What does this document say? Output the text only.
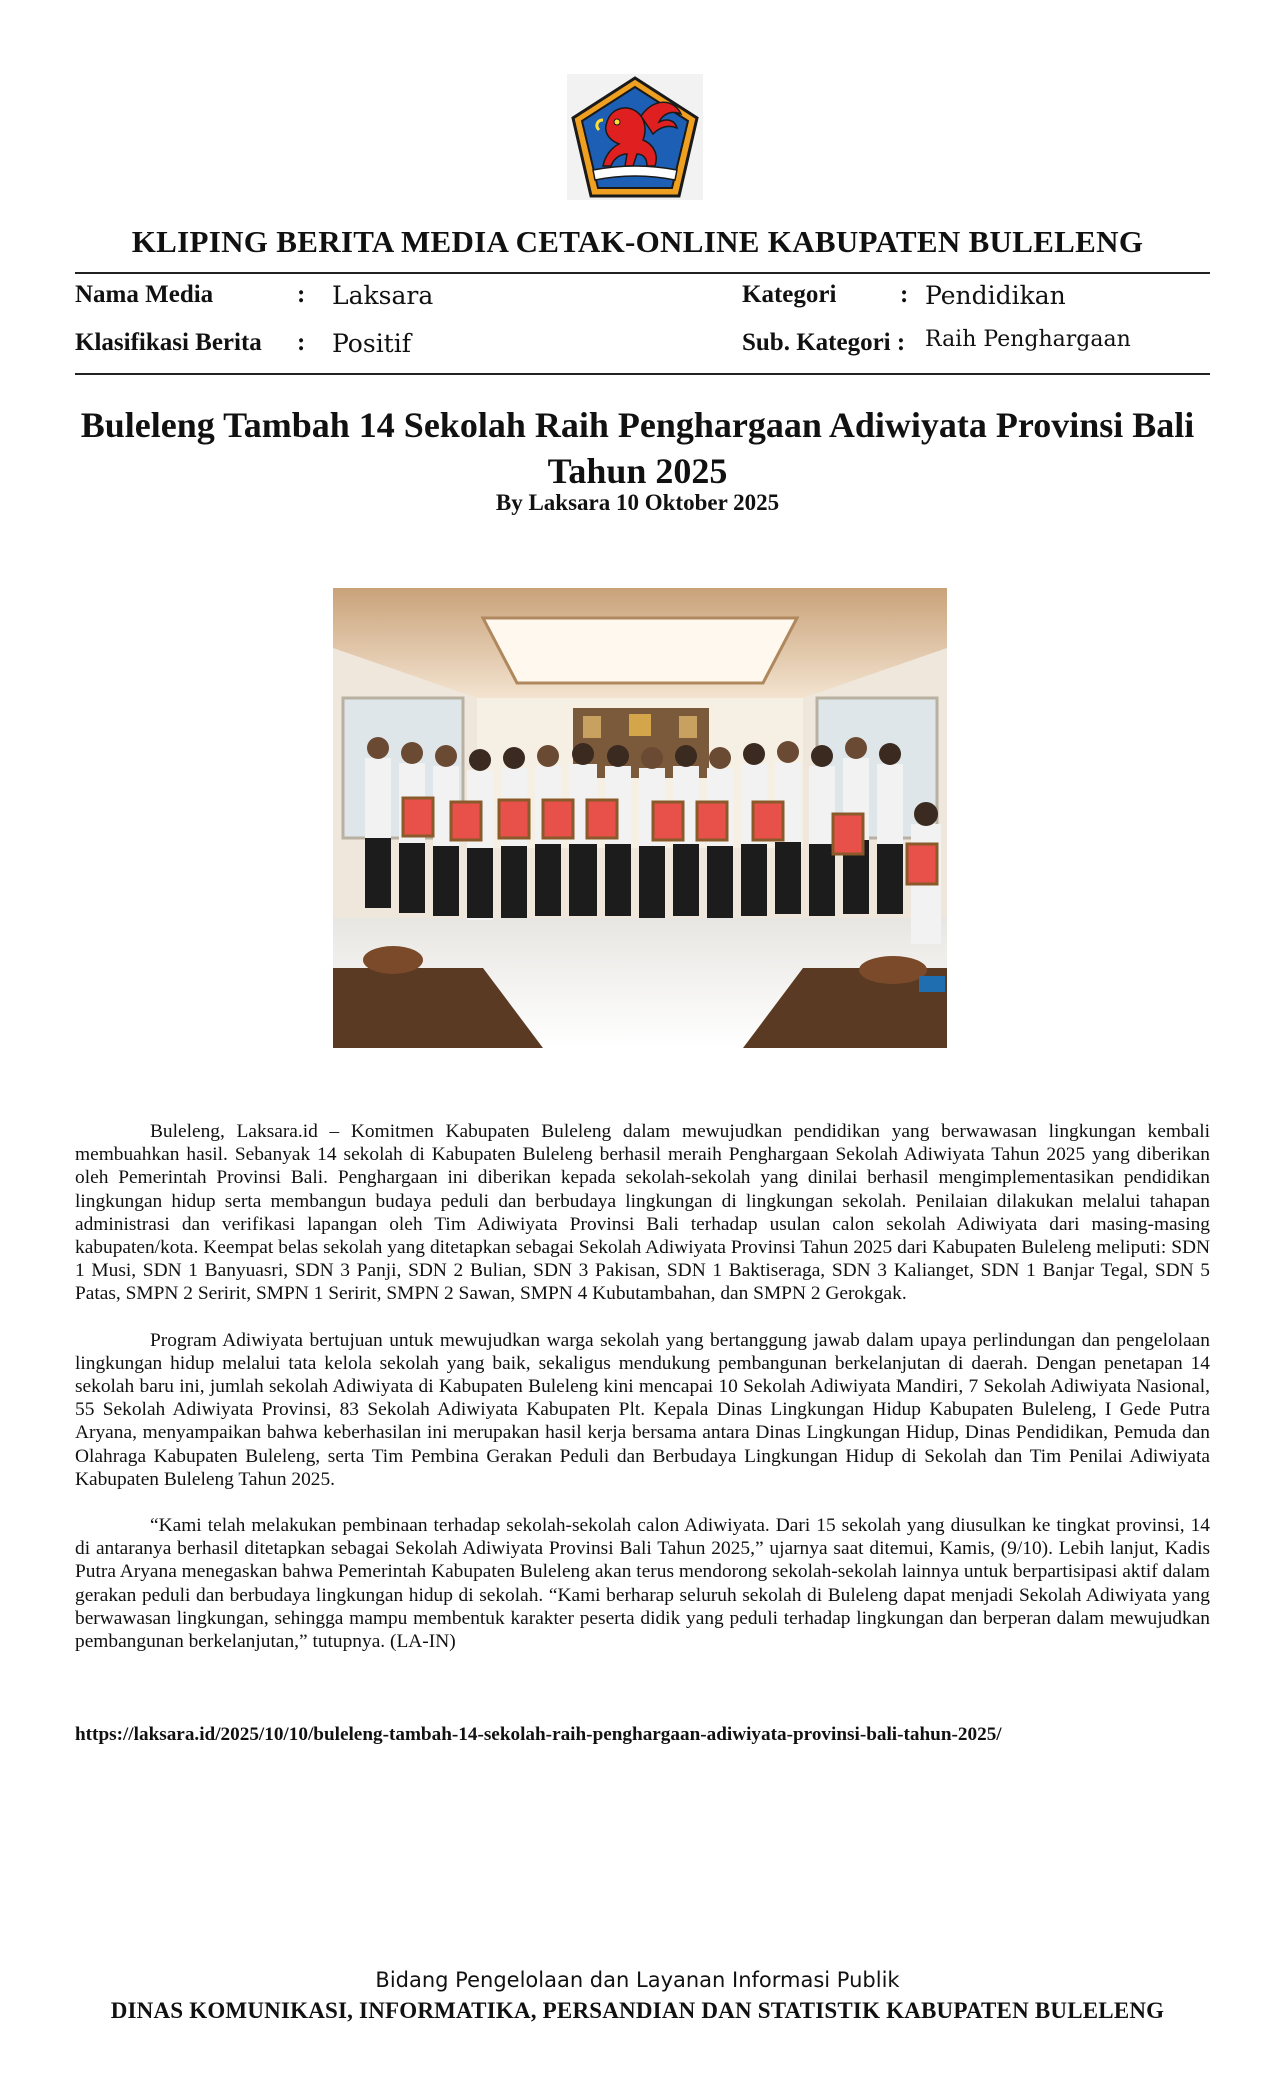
KLIPING BERITA MEDIA CETAK-ONLINE KABUPATEN BULELENG
Nama Media	: Laksara
Klasifikasi Berita : Positif
Kategori	: Pendidikan
Sub. Kategori : Raih Penghargaan
Buleleng Tambah 14 Sekolah Raih Penghargaan Adiwiyata Provinsi Bali Tahun 2025
By Laksara 10 Oktober 2025

Buleleng, Laksara.id – Komitmen Kabupaten Buleleng dalam mewujudkan pendidikan yang berwawasan lingkungan kembali membuahkan hasil. Sebanyak 14 sekolah di Kabupaten Buleleng berhasil meraih Penghargaan Sekolah Adiwiyata Tahun 2025 yang diberikan oleh Pemerintah Provinsi Bali. Penghargaan ini diberikan kepada sekolah-sekolah yang dinilai berhasil mengimplementasikan pendidikan lingkungan hidup serta membangun budaya peduli dan berbudaya lingkungan di lingkungan sekolah. Penilaian dilakukan melalui tahapan administrasi dan verifikasi lapangan oleh Tim Adiwiyata Provinsi Bali terhadap usulan calon sekolah Adiwiyata dari masing-masing kabupaten/kota. Keempat belas sekolah yang ditetapkan sebagai Sekolah Adiwiyata Provinsi Tahun 2025 dari Kabupaten Buleleng meliputi: SDN 1 Musi, SDN 1 Banyuasri, SDN 3 Panji, SDN 2 Bulian, SDN 3 Pakisan, SDN 1 Baktiseraga, SDN 3 Kalianget, SDN 1 Banjar Tegal, SDN 5 Patas, SMPN 2 Seririt, SMPN 1 Seririt, SMPN 2 Sawan, SMPN 4 Kubutambahan, dan SMPN 2 Gerokgak.

Program Adiwiyata bertujuan untuk mewujudkan warga sekolah yang bertanggung jawab dalam upaya perlindungan dan pengelolaan lingkungan hidup melalui tata kelola sekolah yang baik, sekaligus mendukung pembangunan berkelanjutan di daerah. Dengan penetapan 14 sekolah baru ini, jumlah sekolah Adiwiyata di Kabupaten Buleleng kini mencapai 10 Sekolah Adiwiyata Mandiri, 7 Sekolah Adiwiyata Nasional, 55 Sekolah Adiwiyata Provinsi, 83 Sekolah Adiwiyata Kabupaten Plt. Kepala Dinas Lingkungan Hidup Kabupaten Buleleng, I Gede Putra Aryana, menyampaikan bahwa keberhasilan ini merupakan hasil kerja bersama antara Dinas Lingkungan Hidup, Dinas Pendidikan, Pemuda dan Olahraga Kabupaten Buleleng, serta Tim Pembina Gerakan Peduli dan Berbudaya Lingkungan Hidup di Sekolah dan Tim Penilai Adiwiyata Kabupaten Buleleng Tahun 2025.

“Kami telah melakukan pembinaan terhadap sekolah-sekolah calon Adiwiyata. Dari 15 sekolah yang diusulkan ke tingkat provinsi, 14 di antaranya berhasil ditetapkan sebagai Sekolah Adiwiyata Provinsi Bali Tahun 2025,” ujarnya saat ditemui, Kamis, (9/10). Lebih lanjut, Kadis Putra Aryana menegaskan bahwa Pemerintah Kabupaten Buleleng akan terus mendorong sekolah-sekolah lainnya untuk berpartisipasi aktif dalam gerakan peduli dan berbudaya lingkungan hidup di sekolah. “Kami berharap seluruh sekolah di Buleleng dapat menjadi Sekolah Adiwiyata yang berwawasan lingkungan, sehingga mampu membentuk karakter peserta didik yang peduli terhadap lingkungan dan berperan dalam mewujudkan pembangunan berkelanjutan,” tutupnya. (LA-IN)

https://laksara.id/2025/10/10/buleleng-tambah-14-sekolah-raih-penghargaan-adiwiyata-provinsi-bali-tahun-2025/
Bidang Pengelolaan dan Layanan Informasi Publik
DINAS KOMUNIKASI, INFORMATIKA, PERSANDIAN DAN STATISTIK KABUPATEN BULELENG
